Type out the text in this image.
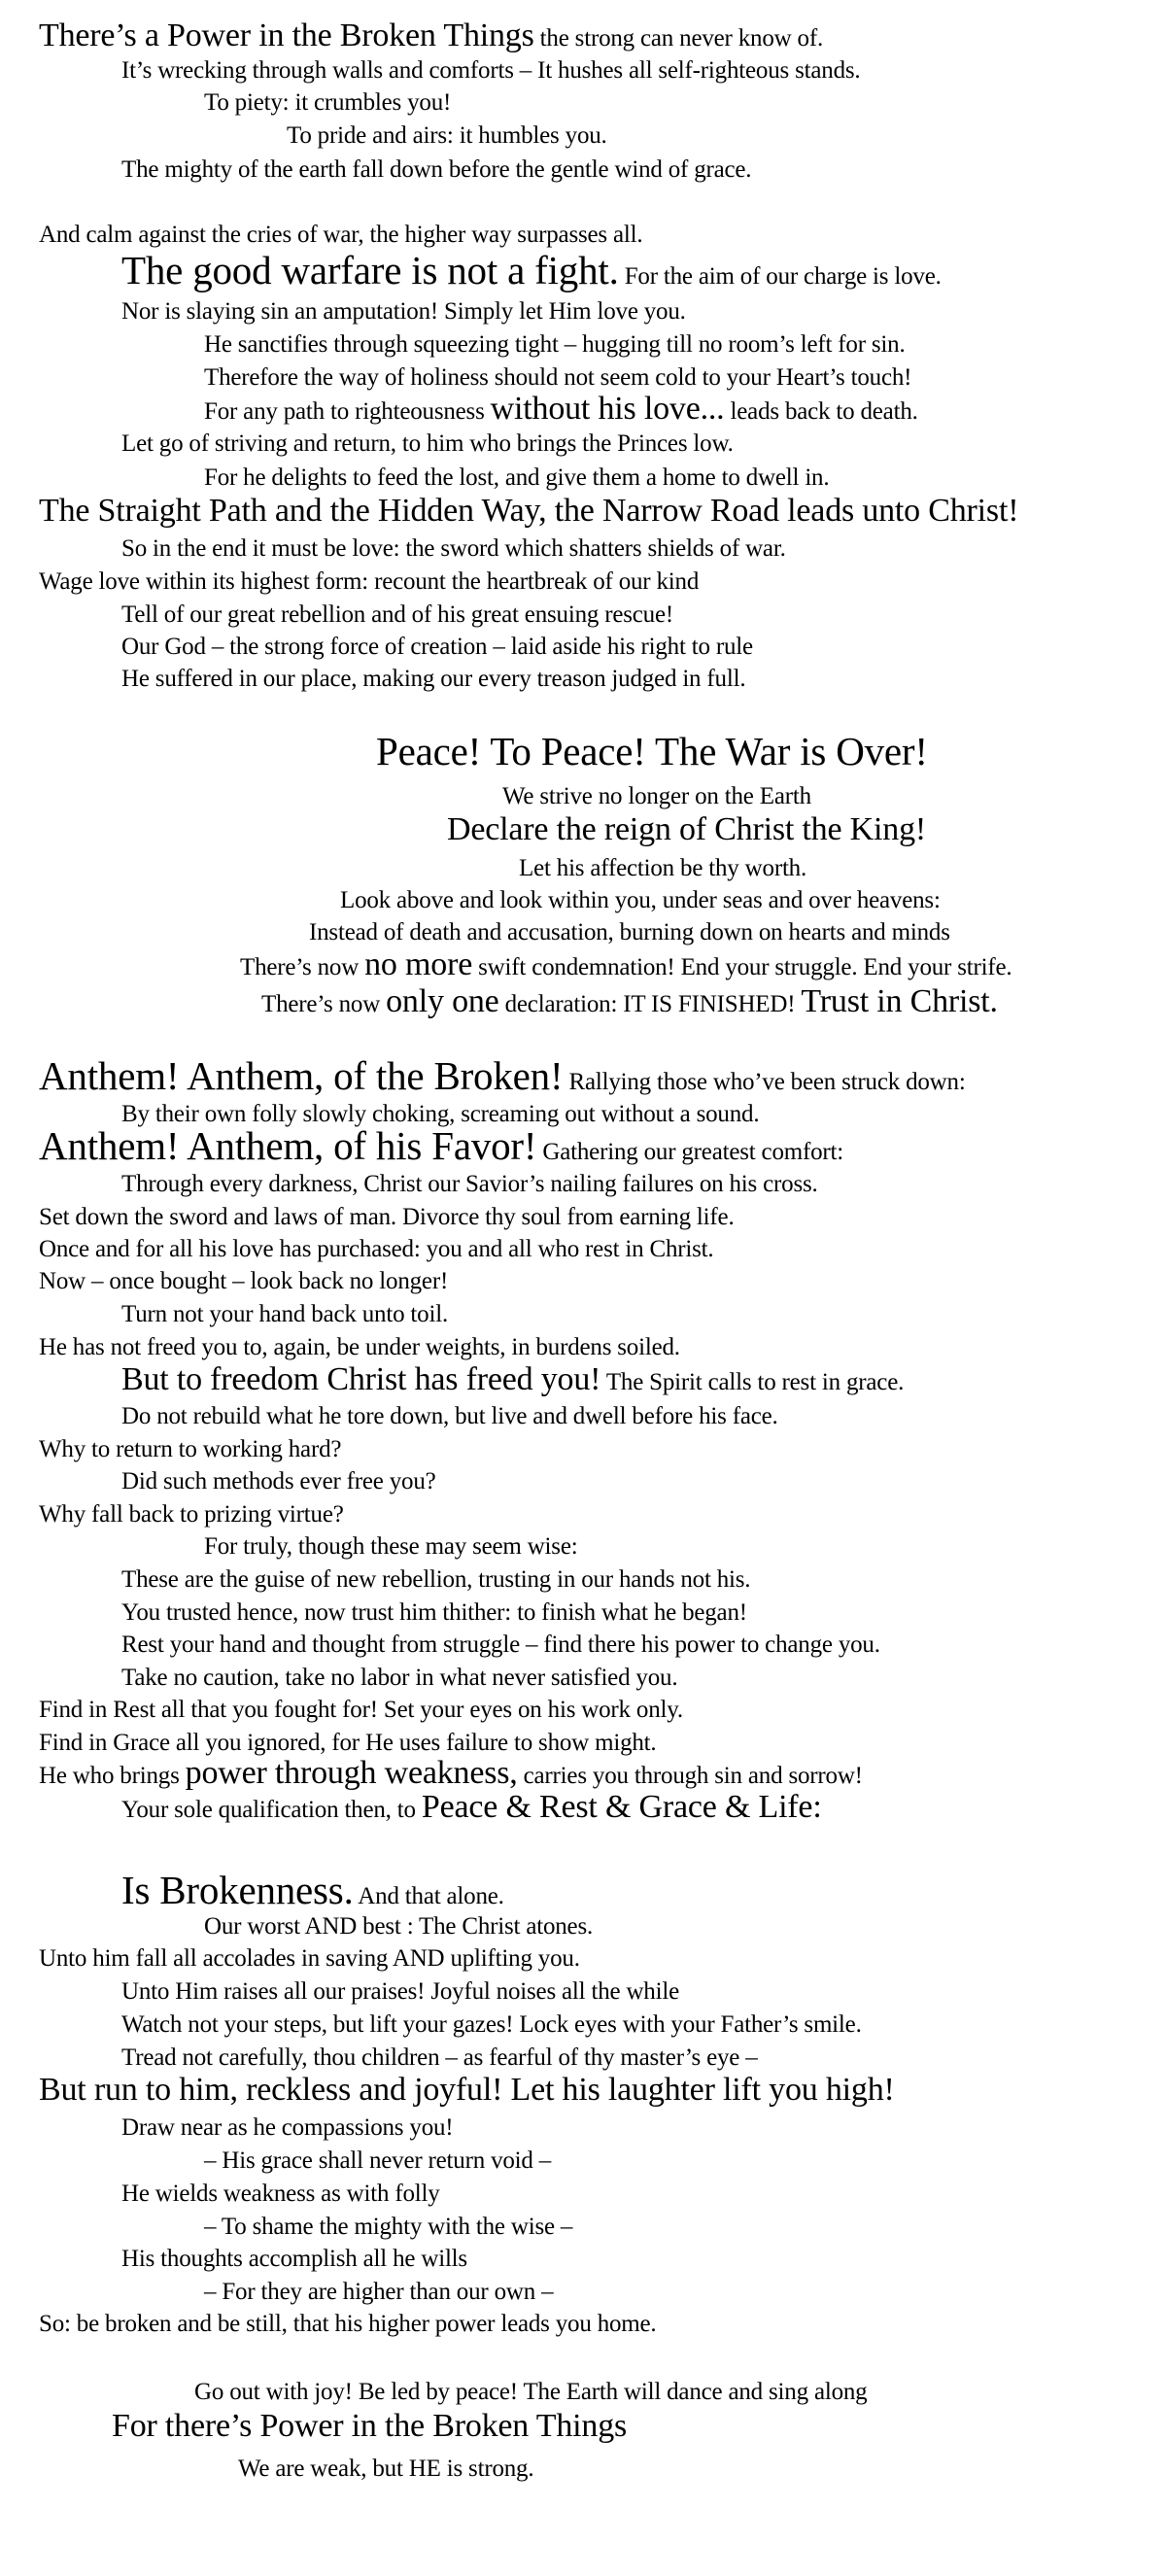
There’s a Power in the Broken Things the strong can never know of.
It’s wrecking through walls and comforts – It hushes all self-righteous stands.
To piety: it crumbles you!
To pride and airs: it humbles you.
The mighty of the earth fall down before the gentle wind of grace.
And calm against the cries of war, the higher way surpasses all.
The good warfare is not a fight. For the aim of our charge is love.
Nor is slaying sin an amputation! Simply let Him love you.
He sanctifies through squeezing tight – hugging till no room’s left for sin.
Therefore the way of holiness should not seem cold to your Heart’s touch!
For any path to righteousness without his love... leads back to death.
Let go of striving and return, to him who brings the Princes low.
For he delights to feed the lost, and give them a home to dwell in.
The Straight Path and the Hidden Way, the Narrow Road leads unto Christ!
So in the end it must be love: the sword which shatters shields of war.
Wage love within its highest form: recount the heartbreak of our kind
Tell of our great rebellion and of his great ensuing rescue!
Our God – the strong force of creation – laid aside his right to rule
He suffered in our place, making our every treason judged in full.
Peace! To Peace! The War is Over!
We strive no longer on the Earth
Declare the reign of Christ the King!
Let his affection be thy worth.
Look above and look within you, under seas and over heavens:
Instead of death and accusation, burning down on hearts and minds
There’s now no more swift condemnation! End your struggle. End your strife.
There’s now only one declaration: IT IS FINISHED! Trust in Christ.
Anthem! Anthem, of the Broken! Rallying those who’ve been struck down:
By their own folly slowly choking, screaming out without a sound.
Anthem! Anthem, of his Favor! Gathering our greatest comfort:
Through every darkness, Christ our Savior’s nailing failures on his cross.
Set down the sword and laws of man. Divorce thy soul from earning life.
Once and for all his love has purchased: you and all who rest in Christ.
Now – once bought – look back no longer!
Turn not your hand back unto toil.
He has not freed you to, again, be under weights, in burdens soiled.
But to freedom Christ has freed you! The Spirit calls to rest in grace.
Do not rebuild what he tore down, but live and dwell before his face.
Why to return to working hard?
Did such methods ever free you?
Why fall back to prizing virtue?
For truly, though these may seem wise:
These are the guise of new rebellion, trusting in our hands not his.
You trusted hence, now trust him thither: to finish what he began!
Rest your hand and thought from struggle – find there his power to change you.
Take no caution, take no labor in what never satisfied you.
Find in Rest all that you fought for! Set your eyes on his work only.
Find in Grace all you ignored, for He uses failure to show might.
He who brings power through weakness, carries you through sin and sorrow!
Your sole qualification then, to Peace & Rest & Grace & Life:
Is Brokenness. And that alone.
Our worst AND best : The Christ atones.
Unto him fall all accolades in saving AND uplifting you.
Unto Him raises all our praises! Joyful noises all the while
Watch not your steps, but lift your gazes! Lock eyes with your Father’s smile.
Tread not carefully, thou children – as fearful of thy master’s eye –
But run to him, reckless and joyful! Let his laughter lift you high!
Draw near as he compassions you!
– His grace shall never return void –
He wields weakness as with folly
– To shame the mighty with the wise –
His thoughts accomplish all he wills
– For they are higher than our own –
So: be broken and be still, that his higher power leads you home.
Go out with joy! Be led by peace! The Earth will dance and sing along
For there’s Power in the Broken Things
We are weak, but HE is strong.
